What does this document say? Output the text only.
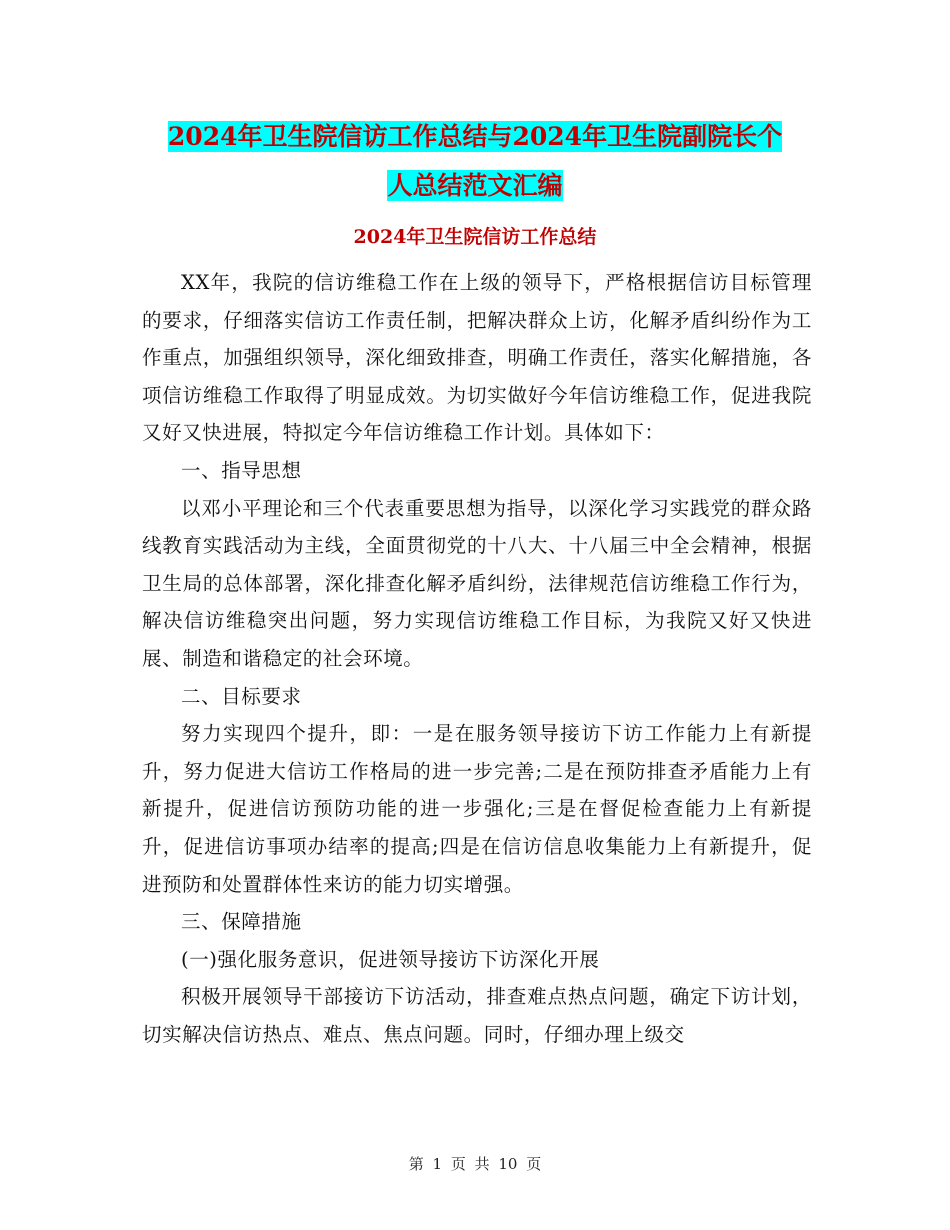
2024年卫生院信访工作总结与2024年卫生院副院长个
人总结范文汇编
2024年卫生院信访工作总结

XX年，我院的信访维稳工作在上级的领导下，严格根据信访目标管理的要求，仔细落实信访工作责任制，把解决群众上访，化解矛盾纠纷作为工作重点，加强组织领导，深化细致排查，明确工作责任，落实化解措施，各项信访维稳工作取得了明显成效。为切实做好今年信访维稳工作，促进我院又好又快进展，特拟定今年信访维稳工作计划。具体如下：

一、指导思想

以邓小平理论和三个代表重要思想为指导，以深化学习实践党的群众路线教育实践活动为主线，全面贯彻党的十八大、十八届三中全会精神，根据卫生局的总体部署，深化排查化解矛盾纠纷，法律规范信访维稳工作行为，解决信访维稳突出问题，努力实现信访维稳工作目标，为我院又好又快进展、制造和谐稳定的社会环境。

二、目标要求

努力实现四个提升，即：一是在服务领导接访下访工作能力上有新提升，努力促进大信访工作格局的进一步完善;二是在预防排查矛盾能力上有新提升，促进信访预防功能的进一步强化;三是在督促检查能力上有新提升，促进信访事项办结率的提高;四是在信访信息收集能力上有新提升，促进预防和处置群体性来访的能力切实增强。

三、保障措施

(一)强化服务意识，促进领导接访下访深化开展

积极开展领导干部接访下访活动，排查难点热点问题，确定下访计划，切实解决信访热点、难点、焦点问题。同时，仔细办理上级交

第 1 页 共 10 页
